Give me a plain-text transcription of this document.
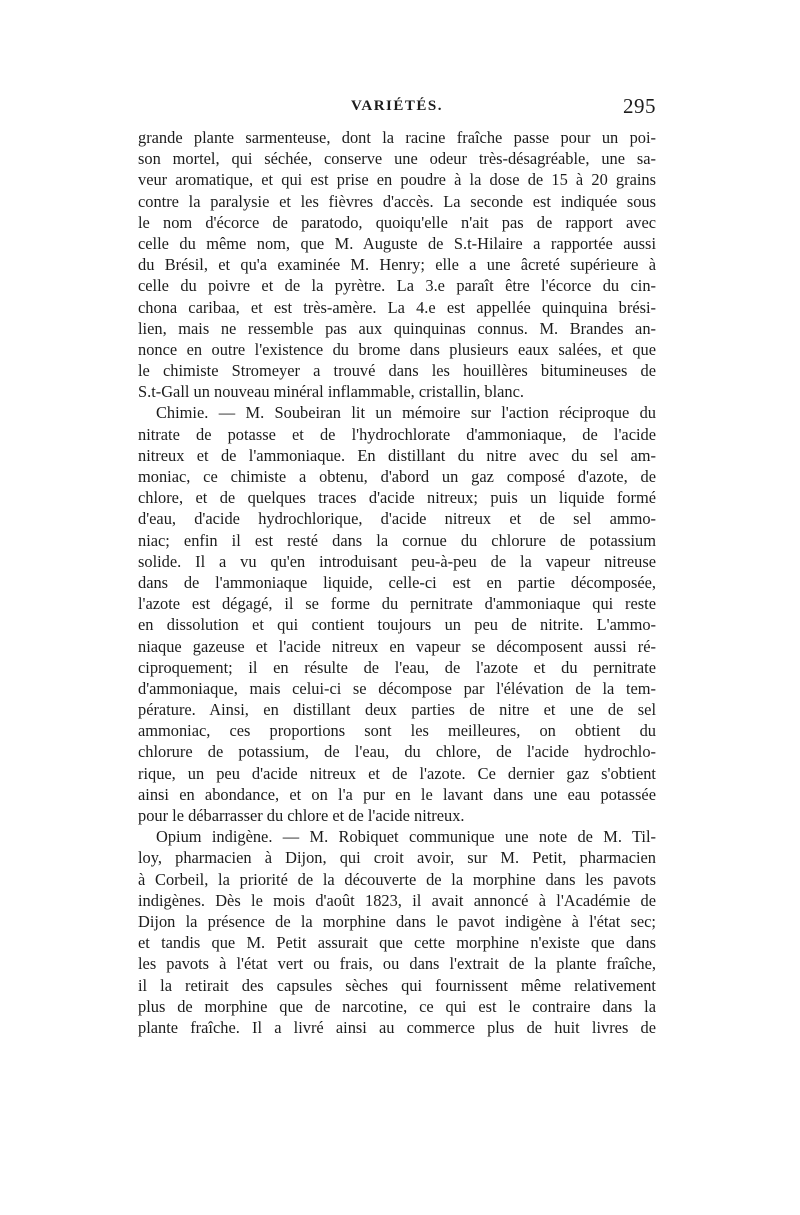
VARIÉTÉS.	295
grande plante sarmenteuse, dont la racine fraîche passe pour un poi-
son mortel, qui séchée, conserve une odeur très-désagréable, une sa-
veur aromatique, et qui est prise en poudre à la dose de 15 à 20 grains
contre la paralysie et les fièvres d'accès. La seconde est indiquée sous
le nom d'écorce de paratodo, quoiqu'elle n'ait pas de rapport avec
celle du même nom, que M. Auguste de S.t-Hilaire a rapportée aussi
du Brésil, et qu'a examinée M. Henry; elle a une âcreté supérieure à
celle du poivre et de la pyrètre. La 3.e paraît être l'écorce du cin-
chona caribaa, et est très-amère. La 4.e est appellée quinquina brési-
lien, mais ne ressemble pas aux quinquinas connus. M. Brandes an-
nonce en outre l'existence du brome dans plusieurs eaux salées, et que
le chimiste Stromeyer a trouvé dans les houillères bitumineuses de
S.t-Gall un nouveau minéral inflammable, cristallin, blanc.
Chimie. — M. Soubeiran lit un mémoire sur l'action réciproque du
nitrate de potasse et de l'hydrochlorate d'ammoniaque, de l'acide
nitreux et de l'ammoniaque. En distillant du nitre avec du sel am-
moniac, ce chimiste a obtenu, d'abord un gaz composé d'azote, de
chlore, et de quelques traces d'acide nitreux; puis un liquide formé
d'eau, d'acide hydrochlorique, d'acide nitreux et de sel ammo-
niac; enfin il est resté dans la cornue du chlorure de potassium
solide. Il a vu qu'en introduisant peu-à-peu de la vapeur nitreuse
dans de l'ammoniaque liquide, celle-ci est en partie décomposée,
l'azote est dégagé, il se forme du pernitrate d'ammoniaque qui reste
en dissolution et qui contient toujours un peu de nitrite. L'ammo-
niaque gazeuse et l'acide nitreux en vapeur se décomposent aussi ré-
ciproquement; il en résulte de l'eau, de l'azote et du pernitrate
d'ammoniaque, mais celui-ci se décompose par l'élévation de la tem-
pérature. Ainsi, en distillant deux parties de nitre et une de sel
ammoniac, ces proportions sont les meilleures, on obtient du
chlorure de potassium, de l'eau, du chlore, de l'acide hydrochlo-
rique, un peu d'acide nitreux et de l'azote. Ce dernier gaz s'obtient
ainsi en abondance, et on l'a pur en le lavant dans une eau potassée
pour le débarrasser du chlore et de l'acide nitreux.
Opium indigène. — M. Robiquet communique une note de M. Til-
loy, pharmacien à Dijon, qui croit avoir, sur M. Petit, pharmacien
à Corbeil, la priorité de la découverte de la morphine dans les pavots
indigènes. Dès le mois d'août 1823, il avait annoncé à l'Académie de
Dijon la présence de la morphine dans le pavot indigène à l'état sec;
et tandis que M. Petit assurait que cette morphine n'existe que dans
les pavots à l'état vert ou frais, ou dans l'extrait de la plante fraîche,
il la retirait des capsules sèches qui fournissent même relativement
plus de morphine que de narcotine, ce qui est le contraire dans la
plante fraîche. Il a livré ainsi au commerce plus de huit livres de
